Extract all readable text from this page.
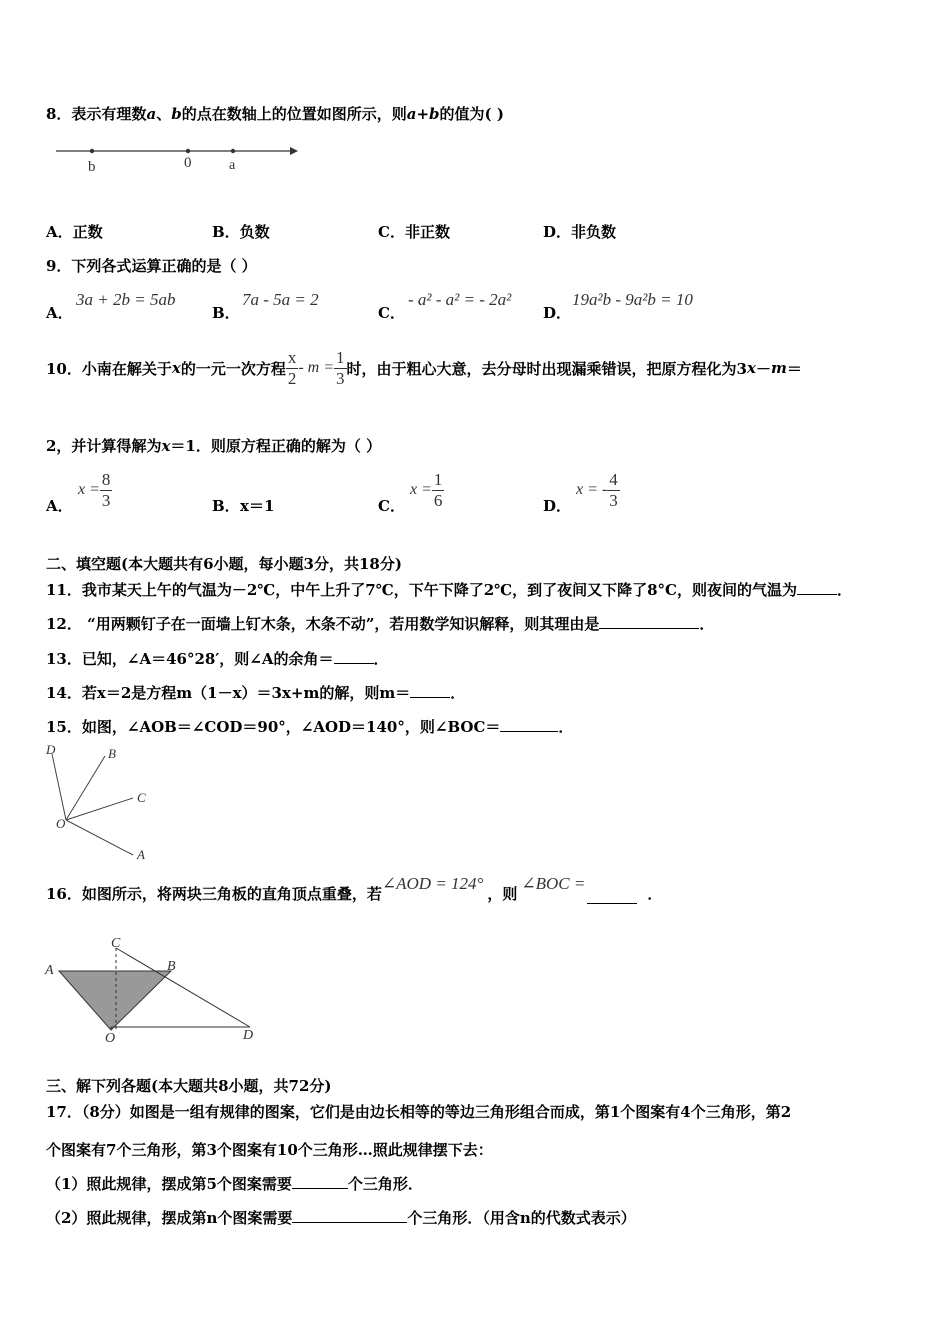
8．表示有理数a、b的点在数轴上的位置如图所示，则a+b的值为( )
b	0	a
A．正数	B．负数	C．非正数	D．非负数
9．下列各式运算正确的是（ ）
A．
3a + 2b = 5ab
B．
7a - 5a = 2
C．
- a² - a² = - 2a²
D．
19a²b - 9a²b = 10
10．小南在解关于 x 的一元一次方程 $\frac{x}{2} - m = \frac{1}{3}$ 时，由于粗心大意，去分母时出现漏乘错误，把原方程化为3 x － m ＝
2，并计算得解为x＝1．则原方程正确的解为（ ）
A．
$x = \frac{8}{3}$	B． x＝1	C．
$x = \frac{1}{6}$	D．
x = - $\frac{4}{3}$
二、填空题(本大题共有6小题，每小题3分，共18分)
11．我市某天上午的气温为－2℃，中午上升了7℃，下午下降了2℃，到了夜间又下降了8°C，则夜间的气温为	．
12． “用两颗钉子在一面墙上钉木条，木条不动”，若用数学知识解释，则其理由是	．
13．已知，∠A＝46°28′，则∠A的余角＝	．
14．若x＝2是方程m（1－x）＝3x+m的解，则m＝	．
15．如图，∠AOB＝∠COD＝90°，∠AOD＝140°，则∠BOC＝	．
D	B
C
O
A
16．如图所示，将两块三角板的直角顶点重叠，若
∠AOD = 124°
，则
∠BOC =
．
C
A	B
O	D
三、解下列各题(本大题共8小题，共72分)
17．（8分）如图是一组有规律的图案，它们是由边长相等的等边三角形组合而成，第1个图案有4个三角形，第2
个图案有7个三角形，第3个图案有10个三角形…照此规律摆下去：
（1）照此规律，摆成第5个图案需要	个三角形．
（2）照此规律，摆成第n个图案需要	个三角形．（用含n的代数式表示）
